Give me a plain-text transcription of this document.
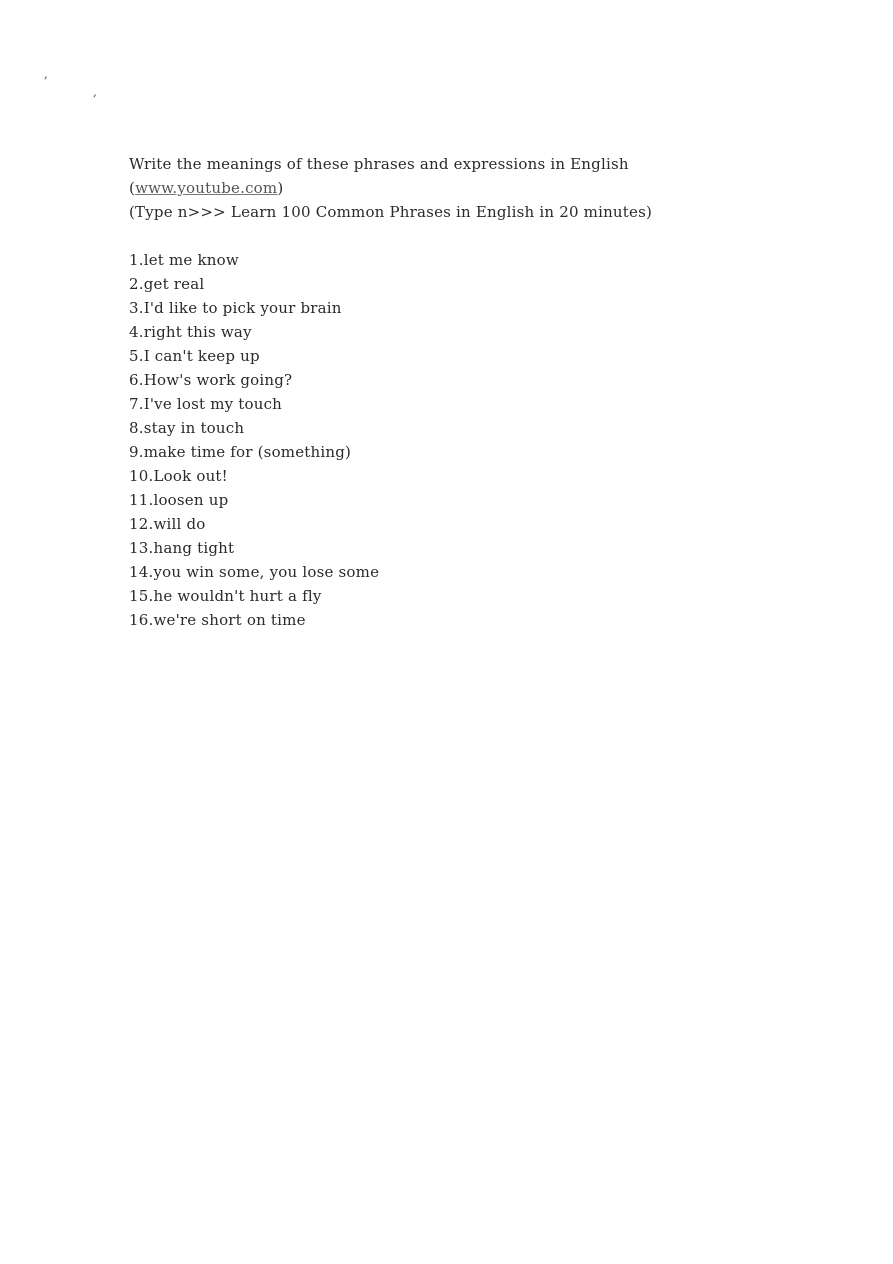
,
,
Write the meanings of these phrases and expressions in English
(www.youtube.com)
(Type n>>> Learn 100 Common Phrases in English in 20 minutes)
1.let me know
2.get real
3.I'd like to pick your brain
4.right this way
5.I can't keep up
6.How's work going?
7.I've lost my touch
8.stay in touch
9.make time for (something)
10.Look out!
11.loosen up
12.will do
13.hang tight
14.you win some, you lose some
15.he wouldn't hurt a fly
16.we're short on time
